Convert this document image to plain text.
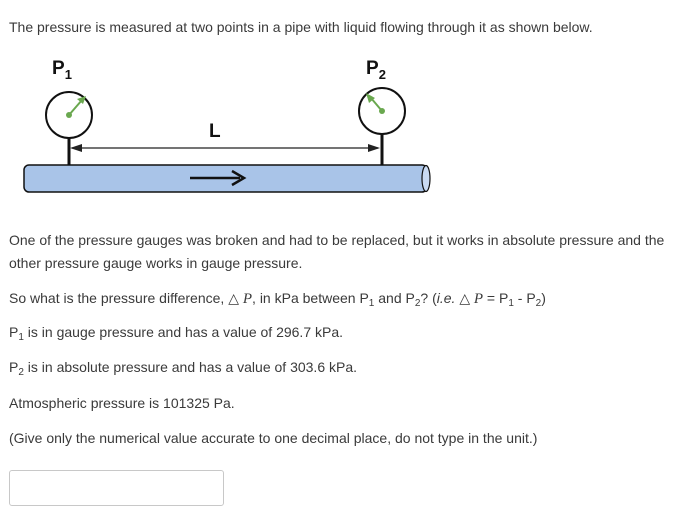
The pressure is measured at two points in a pipe with liquid flowing through it as shown below.
$P_1$	$P_2$
L
One of the pressure gauges was broken and had to be replaced, but it works in absolute pressure and the other pressure gauge works in gauge pressure.
So what is the pressure difference, △ P, in kPa between $P_1$ and $P_2$? (i.e. △ $P = P_1 - P_2$)
$P_1$ is in gauge pressure and has a value of 296.7 kPa.
$P_2$ is in absolute pressure and has a value of 303.6 kPa.
Atmospheric pressure is 101325 Pa.
(Give only the numerical value accurate to one decimal place, do not type in the unit.)
